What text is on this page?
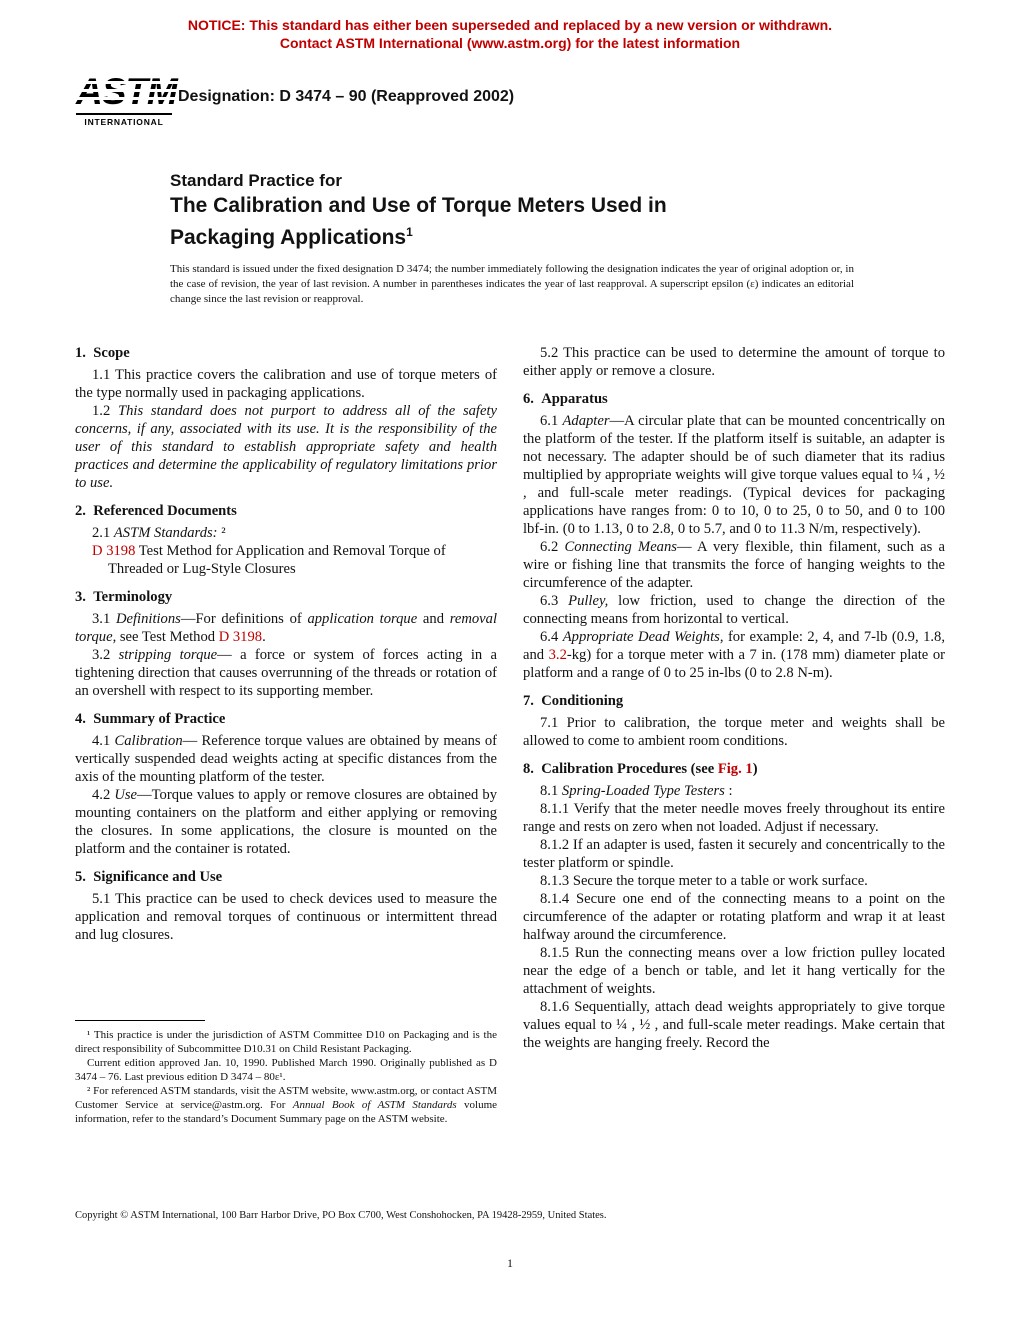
NOTICE: This standard has either been superseded and replaced by a new version or withdrawn.
Contact ASTM International (www.astm.org) for the latest information
INTERNATIONAL
Designation: D 3474 – 90 (Reapproved 2002)
Standard Practice for
The Calibration and Use of Torque Meters Used in
Packaging Applications$^1$
This standard is issued under the fixed designation D 3474; the number immediately following the designation indicates the year of original adoption or, in the case of revision, the year of last revision. A number in parentheses indicates the year of last reapproval. A superscript epsilon (ε) indicates an editorial change since the last revision or reapproval.
1. Scope

1.1 This practice covers the calibration and use of torque meters of the type normally used in packaging applications.

1.2 This standard does not purport to address all of the safety concerns, if any, associated with its use. It is the responsibility of the user of this standard to establish appropriate safety and health practices and determine the applicability of regulatory limitations prior to use.

2. Referenced Documents

2.1 ASTM Standards: ²

D 3198 Test Method for Application and Removal Torque of Threaded or Lug-Style Closures

3. Terminology

3.1 Definitions—For definitions of application torque and removal torque, see Test Method D 3198.

3.2 stripping torque— a force or system of forces acting in a tightening direction that causes overrunning of the threads or rotation of an overshell with respect to its supporting member.

4. Summary of Practice

4.1 Calibration— Reference torque values are obtained by means of vertically suspended dead weights acting at specific distances from the axis of the mounting platform of the tester.

4.2 Use—Torque values to apply or remove closures are obtained by mounting containers on the platform and either applying or removing the closures. In some applications, the closure is mounted on the platform and the container is rotated.

5. Significance and Use

5.1 This practice can be used to check devices used to measure the application and removal torques of continuous or intermittent thread and lug closures.

5.2 This practice can be used to determine the amount of torque to either apply or remove a closure.

6. Apparatus

6.1 Adapter—A circular plate that can be mounted concentrically on the platform of the tester. If the platform itself is suitable, an adapter is not necessary. The adapter should be of such diameter that its radius multiplied by appropriate weights will give torque values equal to ¼ , ½ , and full-scale meter readings. (Typical devices for packaging applications have ranges from: 0 to 10, 0 to 25, 0 to 50, and 0 to 100 lbf-in. (0 to 1.13, 0 to 2.8, 0 to 5.7, and 0 to 11.3 N/m, respectively).

6.2 Connecting Means— A very flexible, thin filament, such as a wire or fishing line that transmits the force of hanging weights to the circumference of the adapter.

6.3 Pulley, low friction, used to change the direction of the connecting means from horizontal to vertical.

6.4 Appropriate Dead Weights, for example: 2, 4, and 7-lb (0.9, 1.8, and 3.2-kg) for a torque meter with a 7 in. (178 mm) diameter plate or platform and a range of 0 to 25 in-lbs (0 to 2.8 N-m).

7. Conditioning

7.1 Prior to calibration, the torque meter and weights shall be allowed to come to ambient room conditions.

8. Calibration Procedures (see Fig. 1)

8.1 Spring-Loaded Type Testers :

8.1.1 Verify that the meter needle moves freely throughout its entire range and rests on zero when not loaded. Adjust if necessary.

8.1.2 If an adapter is used, fasten it securely and concentrically to the tester platform or spindle.

8.1.3 Secure the torque meter to a table or work surface.

8.1.4 Secure one end of the connecting means to a point on the circumference of the adapter or rotating platform and wrap it at least halfway around the circumference.

8.1.5 Run the connecting means over a low friction pulley located near the edge of a bench or table, and let it hang vertically for the attachment of weights.

8.1.6 Sequentially, attach dead weights appropriately to give torque values equal to ¼ , ½ , and full-scale meter readings. Make certain that the weights are hanging freely. Record the

¹ This practice is under the jurisdiction of ASTM Committee D10 on Packaging and is the direct responsibility of Subcommittee D10.31 on Child Resistant Packaging.

Current edition approved Jan. 10, 1990. Published March 1990. Originally published as D 3474 – 76. Last previous edition D 3474 – 80ε¹.

² For referenced ASTM standards, visit the ASTM website, www.astm.org, or contact ASTM Customer Service at service@astm.org. For Annual Book of ASTM Standards volume information, refer to the standard’s Document Summary page on the ASTM website.

Copyright © ASTM International, 100 Barr Harbor Drive, PO Box C700, West Conshohocken, PA 19428-2959, United States.
1
